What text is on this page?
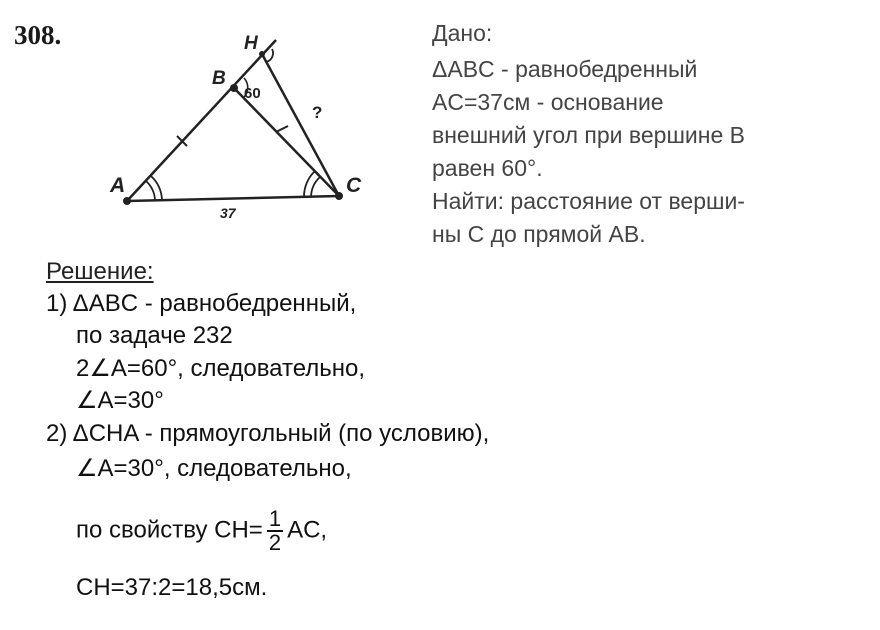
308.
A
B
C
H
60
37
?
Дано:
ΔABC - равнобедренный
AC=37см - основание
внешний угол при вершине B
равен 60°.
Найти: расстояние от верши-
ны C до прямой AB.
Решение:
1) ΔABC - равнобедренный,
по задаче 232
2∠A=60°, следовательно,
∠A=30°
2) ΔCHA - прямоугольный (по условию),
∠A=30°, следовательно,
по свойству $CH= \frac{1}{2}$ AC,
CH=37:2=18,5см.
